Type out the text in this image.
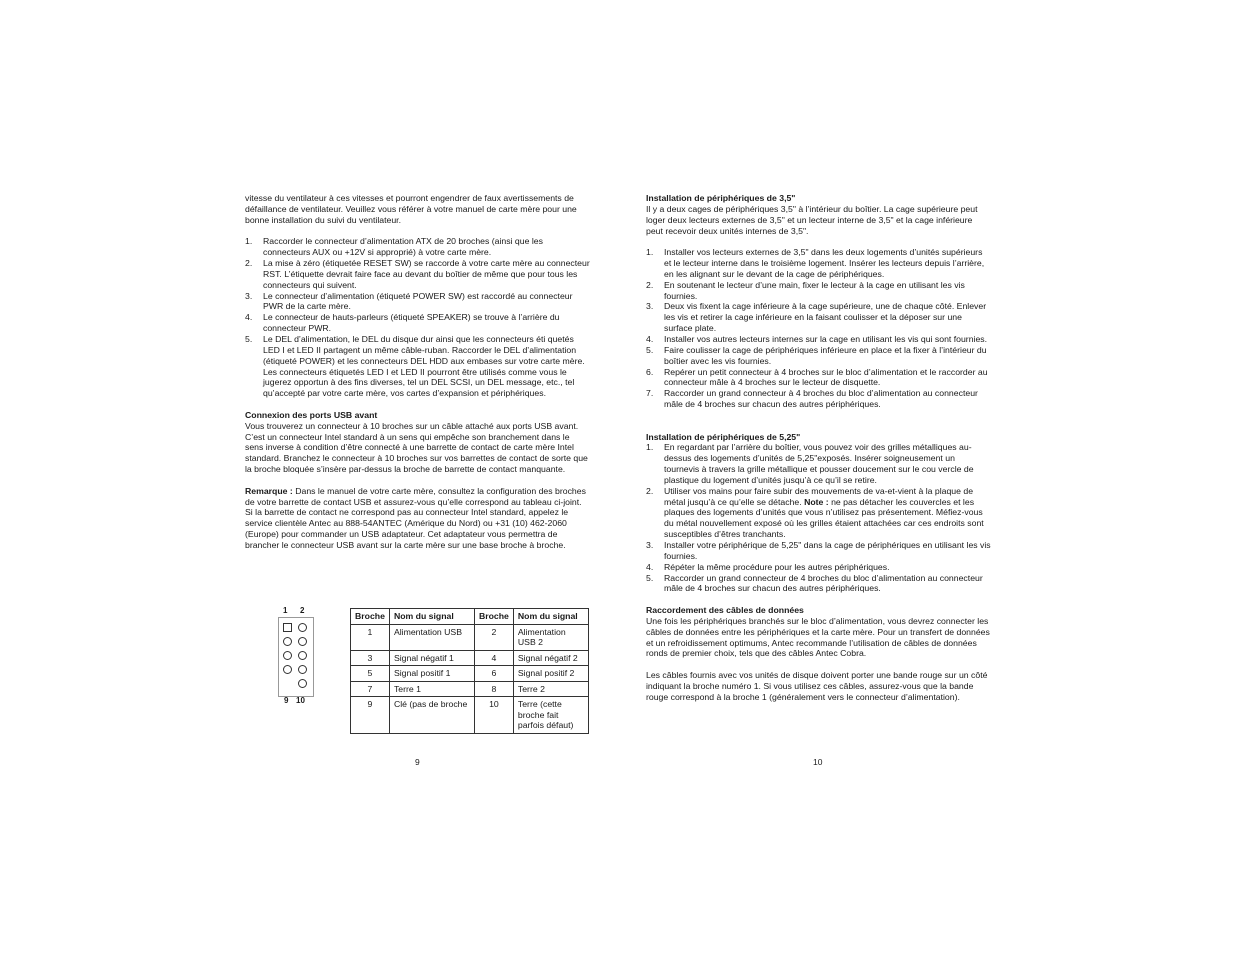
vitesse du ventilateur à ces vitesses et pourront engendrer de faux avertissements de défaillance de ventilateur. Veuillez vous référer à votre manuel de carte mère pour une bonne installation du suivi du ventilateur.

1. Raccorder le connecteur d’alimentation ATX de 20 broches (ainsi que les connecteurs AUX ou +12V si approprié) à votre carte mère.
2. La mise à zéro (étiquetée RESET SW) se raccorde à votre carte mère au connecteur RST. L’étiquette devrait faire face au devant du boîtier de même que pour tous les connecteurs qui suivent.
3. Le connecteur d’alimentation (étiqueté POWER SW) est raccordé au connecteur PWR de la carte mère.
4. Le connecteur de hauts-parleurs (étiqueté SPEAKER) se trouve à l’arrière du connecteur PWR.
5. Le DEL d’alimentation, le DEL du disque dur ainsi que les connecteurs éti quetés LED I et LED II partagent un même câble-ruban. Raccorder le DEL d’alimentation (étiqueté POWER) et les connecteurs DEL HDD aux embases sur votre carte mère. Les connecteurs étiquetés LED I et LED II pourront être utilisés comme vous le jugerez opportun à des fins diverses, tel un DEL SCSI, un DEL message, etc., tel qu’accepté par votre carte mère, vos cartes d’expansion et périphériques.

Connexion des ports USB avant

Vous trouverez un connecteur à 10 broches sur un câble attaché aux ports USB avant. C’est un connecteur Intel standard à un sens qui empêche son branchement dans le sens inverse à condition d’être connecté à une barrette de contact de carte mère Intel standard. Branchez le connecteur à 10 broches sur vos barrettes de contact de sorte que la broche bloquée s’insère par-dessus la broche de barrette de contact manquante.

Remarque : Dans le manuel de votre carte mère, consultez la configuration des broches de votre barrette de contact USB et assurez-vous qu’elle correspond au tableau ci-joint. Si la barrette de contact ne correspond pas au connecteur Intel standard, appelez le service clientèle Antec au 888-54ANTEC (Amérique du Nord) ou +31 (10) 462-2060 (Europe) pour commander un USB adaptateur. Cet adaptateur vous permettra de brancher le connecteur USB avant sur la carte mère sur une base broche à broche.

1 2
9 10
Broche	Nom du signal	Broche	Nom du signal
1	Alimentation USB	2	Alimentation USB 2
3	Signal négatif 1	4	Signal négatif 2
5	Signal positif 1	6	Signal positif 2
7	Terre 1	8	Terre 2
9	Clé (pas de broche	10	Terre (cette broche fait parfois défaut)
9

Installation de périphériques de 3,5"

Il y a deux cages de périphériques 3,5" à l’intérieur du boîtier. La cage supérieure peut loger deux lecteurs externes de 3,5" et un lecteur interne de 3,5" et la cage inférieure peut recevoir deux unités internes de 3,5".

1. Installer vos lecteurs externes de 3,5" dans les deux logements d’unités supérieurs et le lecteur interne dans le troisième logement. Insérer les lecteurs depuis l’arrière, en les alignant sur le devant de la cage de périphériques.
2. En soutenant le lecteur d’une main, fixer le lecteur à la cage en utilisant les vis fournies.
3. Deux vis fixent la cage inférieure à la cage supérieure, une de chaque côté. Enlever les vis et retirer la cage inférieure en la faisant coulisser et la déposer sur une surface plate.
4. Installer vos autres lecteurs internes sur la cage en utilisant les vis qui sont fournies.
5. Faire coulisser la cage de périphériques inférieure en place et la fixer à l’intérieur du boîtier avec les vis fournies.
6. Repérer un petit connecteur à 4 broches sur le bloc d’alimentation et le raccorder au connecteur mâle à 4 broches sur le lecteur de disquette.
7. Raccorder un grand connecteur à 4 broches du bloc d’alimentation au connecteur mâle de 4 broches sur chacun des autres périphériques.

Installation de périphériques de 5,25"

1. En regardant par l’arrière du boîtier, vous pouvez voir des grilles métalliques au-dessus des logements d’unités de 5,25"exposés. Insérer soigneusement un tournevis à travers la grille métallique et pousser doucement sur le cou vercle de plastique du logement d’unités jusqu’à ce qu’il se retire.
2. Utiliser vos mains pour faire subir des mouvements de va-et-vient à la plaque de métal jusqu’à ce qu’elle se détache. Note : ne pas détacher les couvercles et les plaques des logements d’unités que vous n’utilisez pas présentement. Méfiez-vous du métal nouvellement exposé où les grilles étaient attachées car ces endroits sont susceptibles d’êtres tranchants.
3. Installer votre périphérique de 5,25" dans la cage de périphériques en utilisant les vis fournies.
4. Répéter la même procédure pour les autres périphériques.
5. Raccorder un grand connecteur de 4 broches du bloc d’alimentation au connecteur mâle de 4 broches sur chacun des autres périphériques.

Raccordement des câbles de données

Une fois les périphériques branchés sur le bloc d’alimentation, vous devrez connecter les câbles de données entre les périphériques et la carte mère. Pour un transfert de données et un refroidissement optimums, Antec recommande l’utilisation de câbles de données ronds de premier choix, tels que des câbles Antec Cobra.

Les câbles fournis avec vos unités de disque doivent porter une bande rouge sur un côté indiquant la broche numéro 1. Si vous utilisez ces câbles, assurez-vous que la bande rouge correspond à la broche 1 (généralement vers le connecteur d’alimentation).

10
